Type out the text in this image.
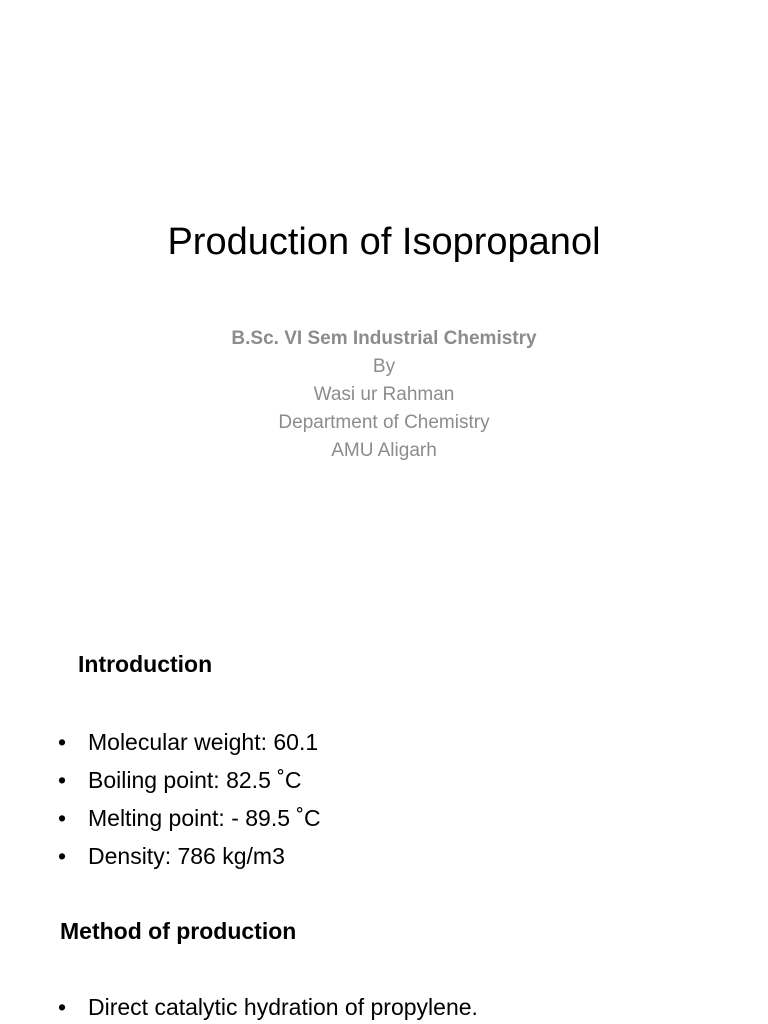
Production of Isopropanol
B.Sc. VI Sem Industrial Chemistry
By
Wasi ur Rahman
Department of Chemistry
AMU Aligarh
Introduction
• Molecular weight: 60.1
• Boiling point: 82.5 ˚C
• Melting point: - 89.5 ˚C
• Density: 786 kg/m3
Method of production
• Direct catalytic hydration of propylene.
